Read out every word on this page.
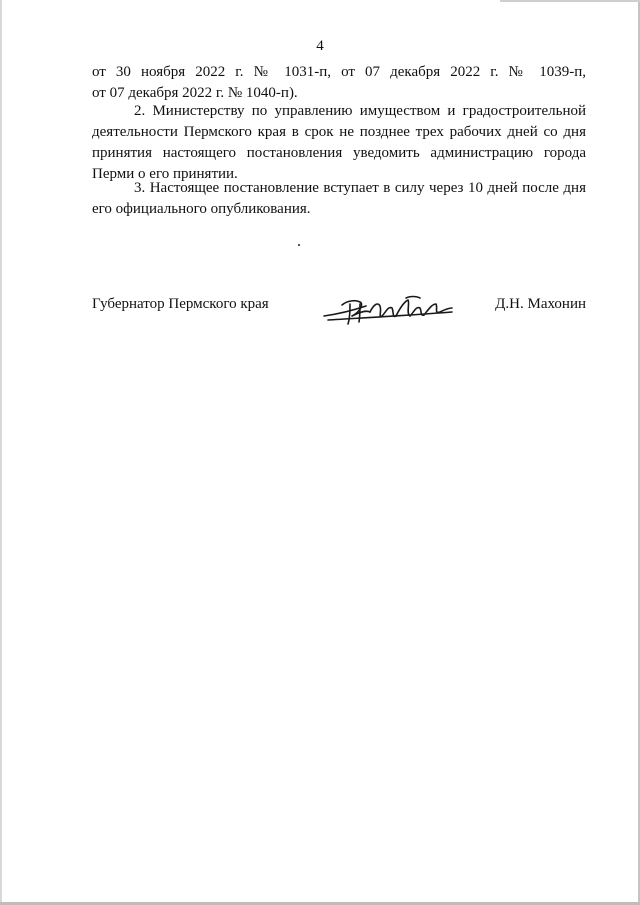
4
от 30 ноября 2022 г. № 1031-п, от 07 декабря 2022 г. № 1039-п,
от 07 декабря 2022 г. № 1040-п).
2. Министерству по управлению имуществом и градостроительной
деятельности Пермского края в срок не позднее трех рабочих дней со дня
принятия настоящего постановления уведомить администрацию города
Перми о его принятии.
3. Настоящее постановление вступает в силу через 10 дней после дня
его официального опубликования.
Губернатор Пермского края	Д.Н. Махонин
